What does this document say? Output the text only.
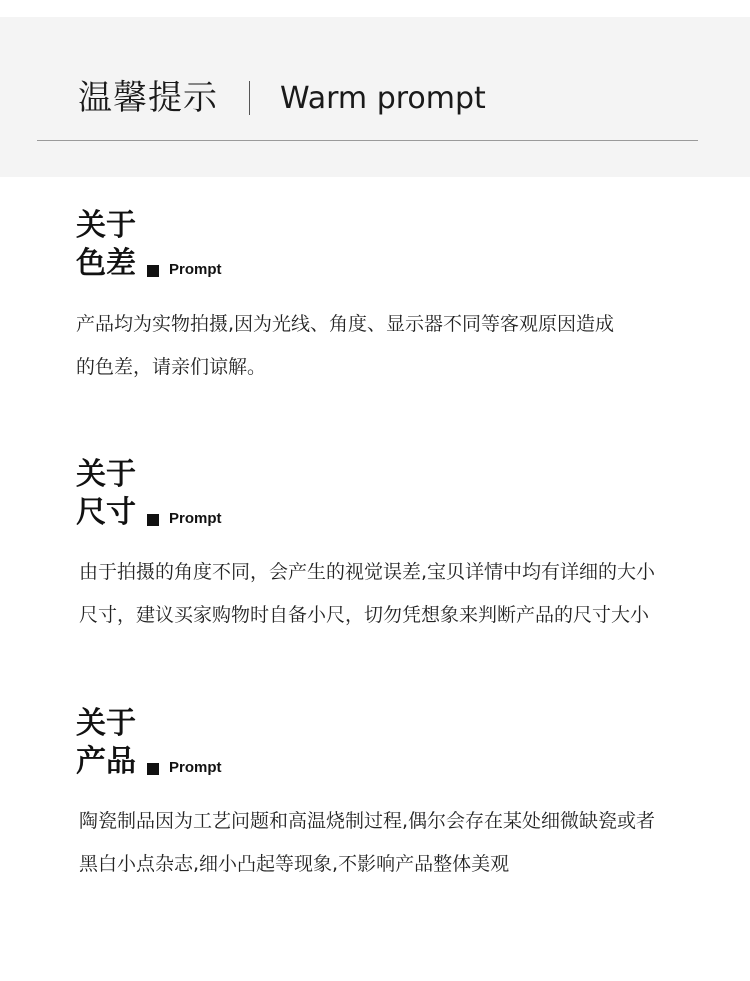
温馨提示 Warm prompt
关于
色差 Prompt
产品均为实物拍摄,因为光线、角度、显示器不同等客观原因造成
的色差，请亲们谅解。
关于
尺寸 Prompt
由于拍摄的角度不同，会产生的视觉误差,宝贝详情中均有详细的大小
尺寸，建议买家购物时自备小尺，切勿凭想象来判断产品的尺寸大小
关于
产品 Prompt
陶瓷制品因为工艺问题和高温烧制过程,偶尔会存在某处细微缺瓷或者
黑白小点杂志,细小凸起等现象,不影响产品整体美观
